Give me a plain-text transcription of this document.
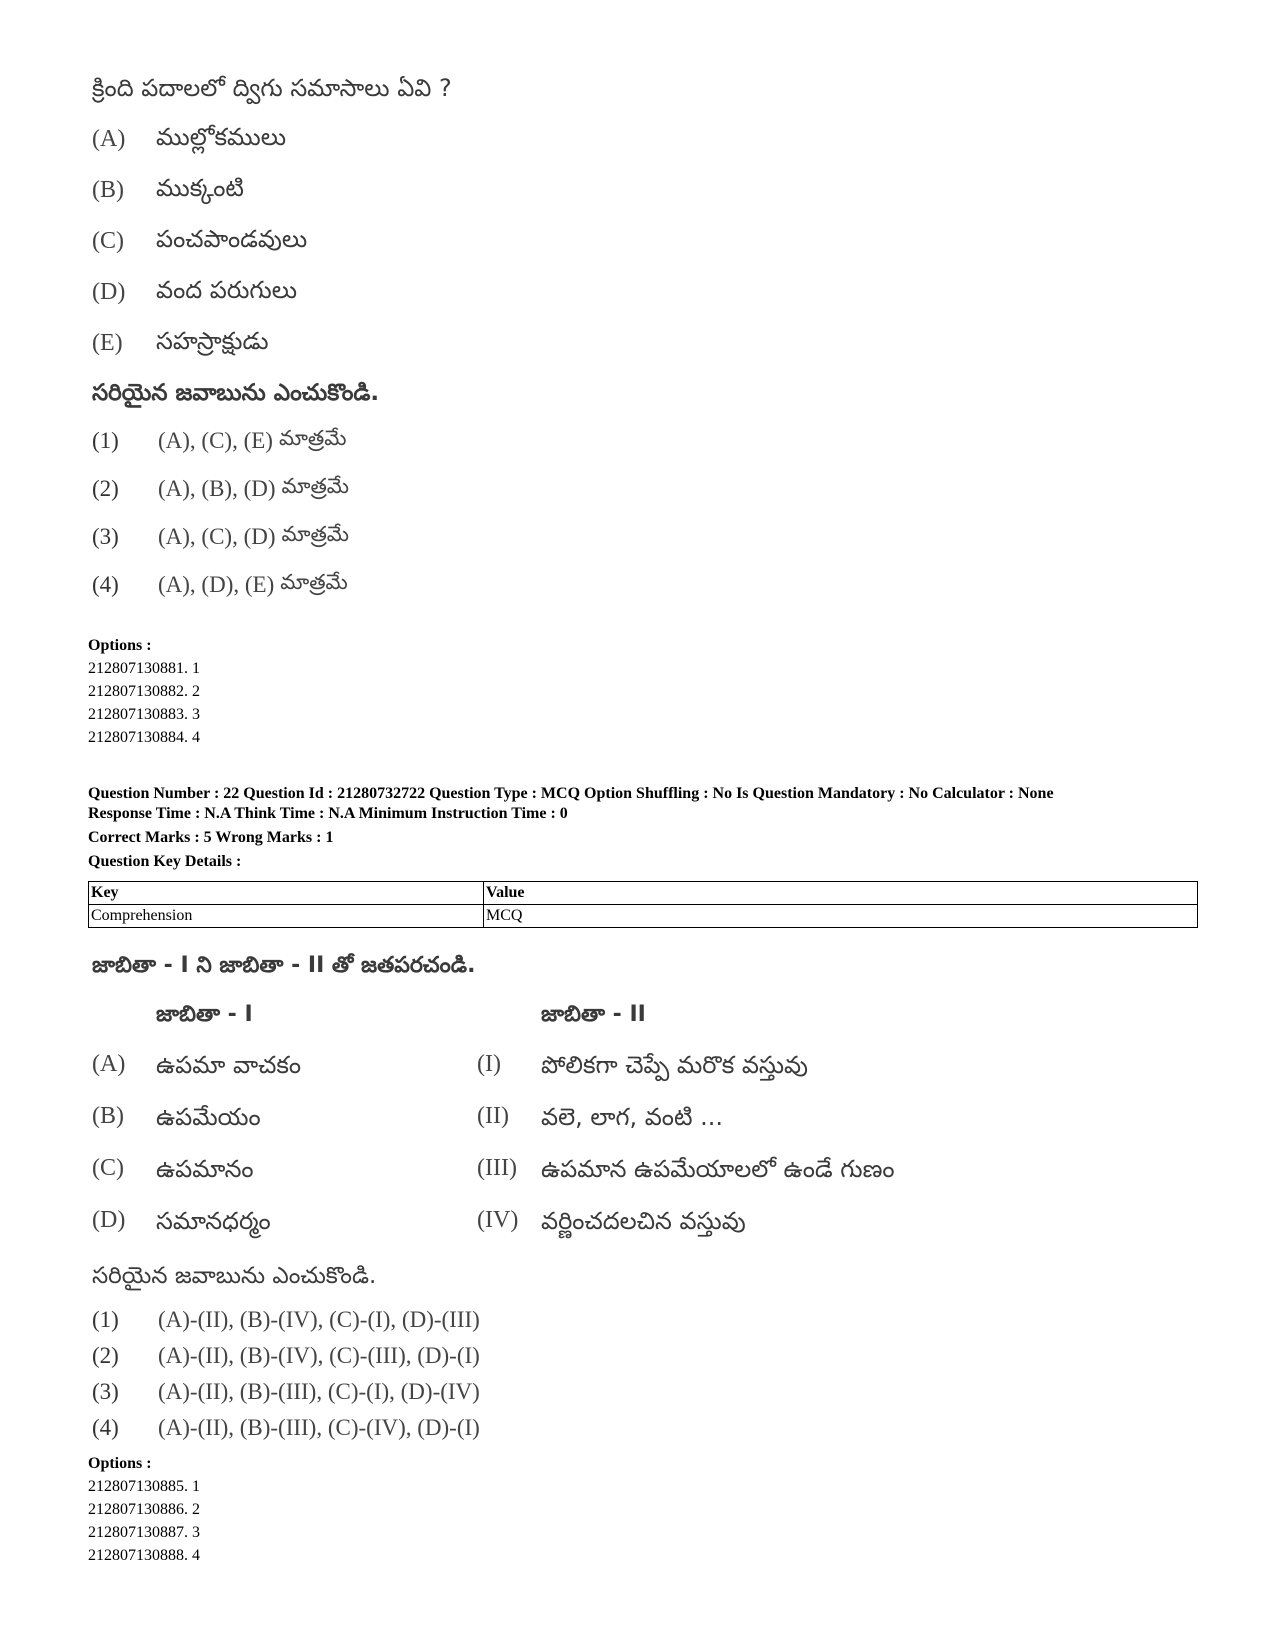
క్రింది పదాలలో ద్విగు సమాసాలు ఏవి ?
(A)	ముల్లోకములు
(B)	ముక్కంటి
(C)	పంచపాండవులు
(D)	వంద పరుగులు
(E)	సహస్రాక్షుడు
సరియైన జవాబును ఎంచుకొండి.
(1)	(A), (C), (E) మాత్రమే
(2)	(A), (B), (D) మాత్రమే
(3)	(A), (C), (D) మాత్రమే
(4)	(A), (D), (E) మాత్రమే
Options :
212807130881. 1
212807130882. 2
212807130883. 3
212807130884. 4
Question Number : 22 Question Id : 21280732722 Question Type : MCQ Option Shuffling : No Is Question Mandatory : No Calculator : None
Response Time : N.A Think Time : N.A Minimum Instruction Time : 0
Correct Marks : 5 Wrong Marks : 1
Question Key Details :
Key	Value
Comprehension	MCQ
జాబితా - I ని జాబితా - II తో జతపరచండి.
జాబితా - I	జాబితా - II
(A)	ఉపమా వాచకం	(I)	పోలికగా చెప్పే మరొక వస్తువు
(B)	ఉపమేయం	(II)	వలె, లాగ, వంటి ...
(C)	ఉపమానం	(III)	ఉపమాన ఉపమేయాలలో ఉండే గుణం
(D)	సమానధర్మం	(IV) వర్ణించదలచిన వస్తువు
సరియైన జవాబును ఎంచుకొండి.
(1)	(A)-(II), (B)-(IV), (C)-(I), (D)-(III)
(2)	(A)-(II), (B)-(IV), (C)-(III), (D)-(I)
(3)	(A)-(II), (B)-(III), (C)-(I), (D)-(IV)
(4)	(A)-(II), (B)-(III), (C)-(IV), (D)-(I)
Options :
212807130885. 1
212807130886. 2
212807130887. 3
212807130888. 4
